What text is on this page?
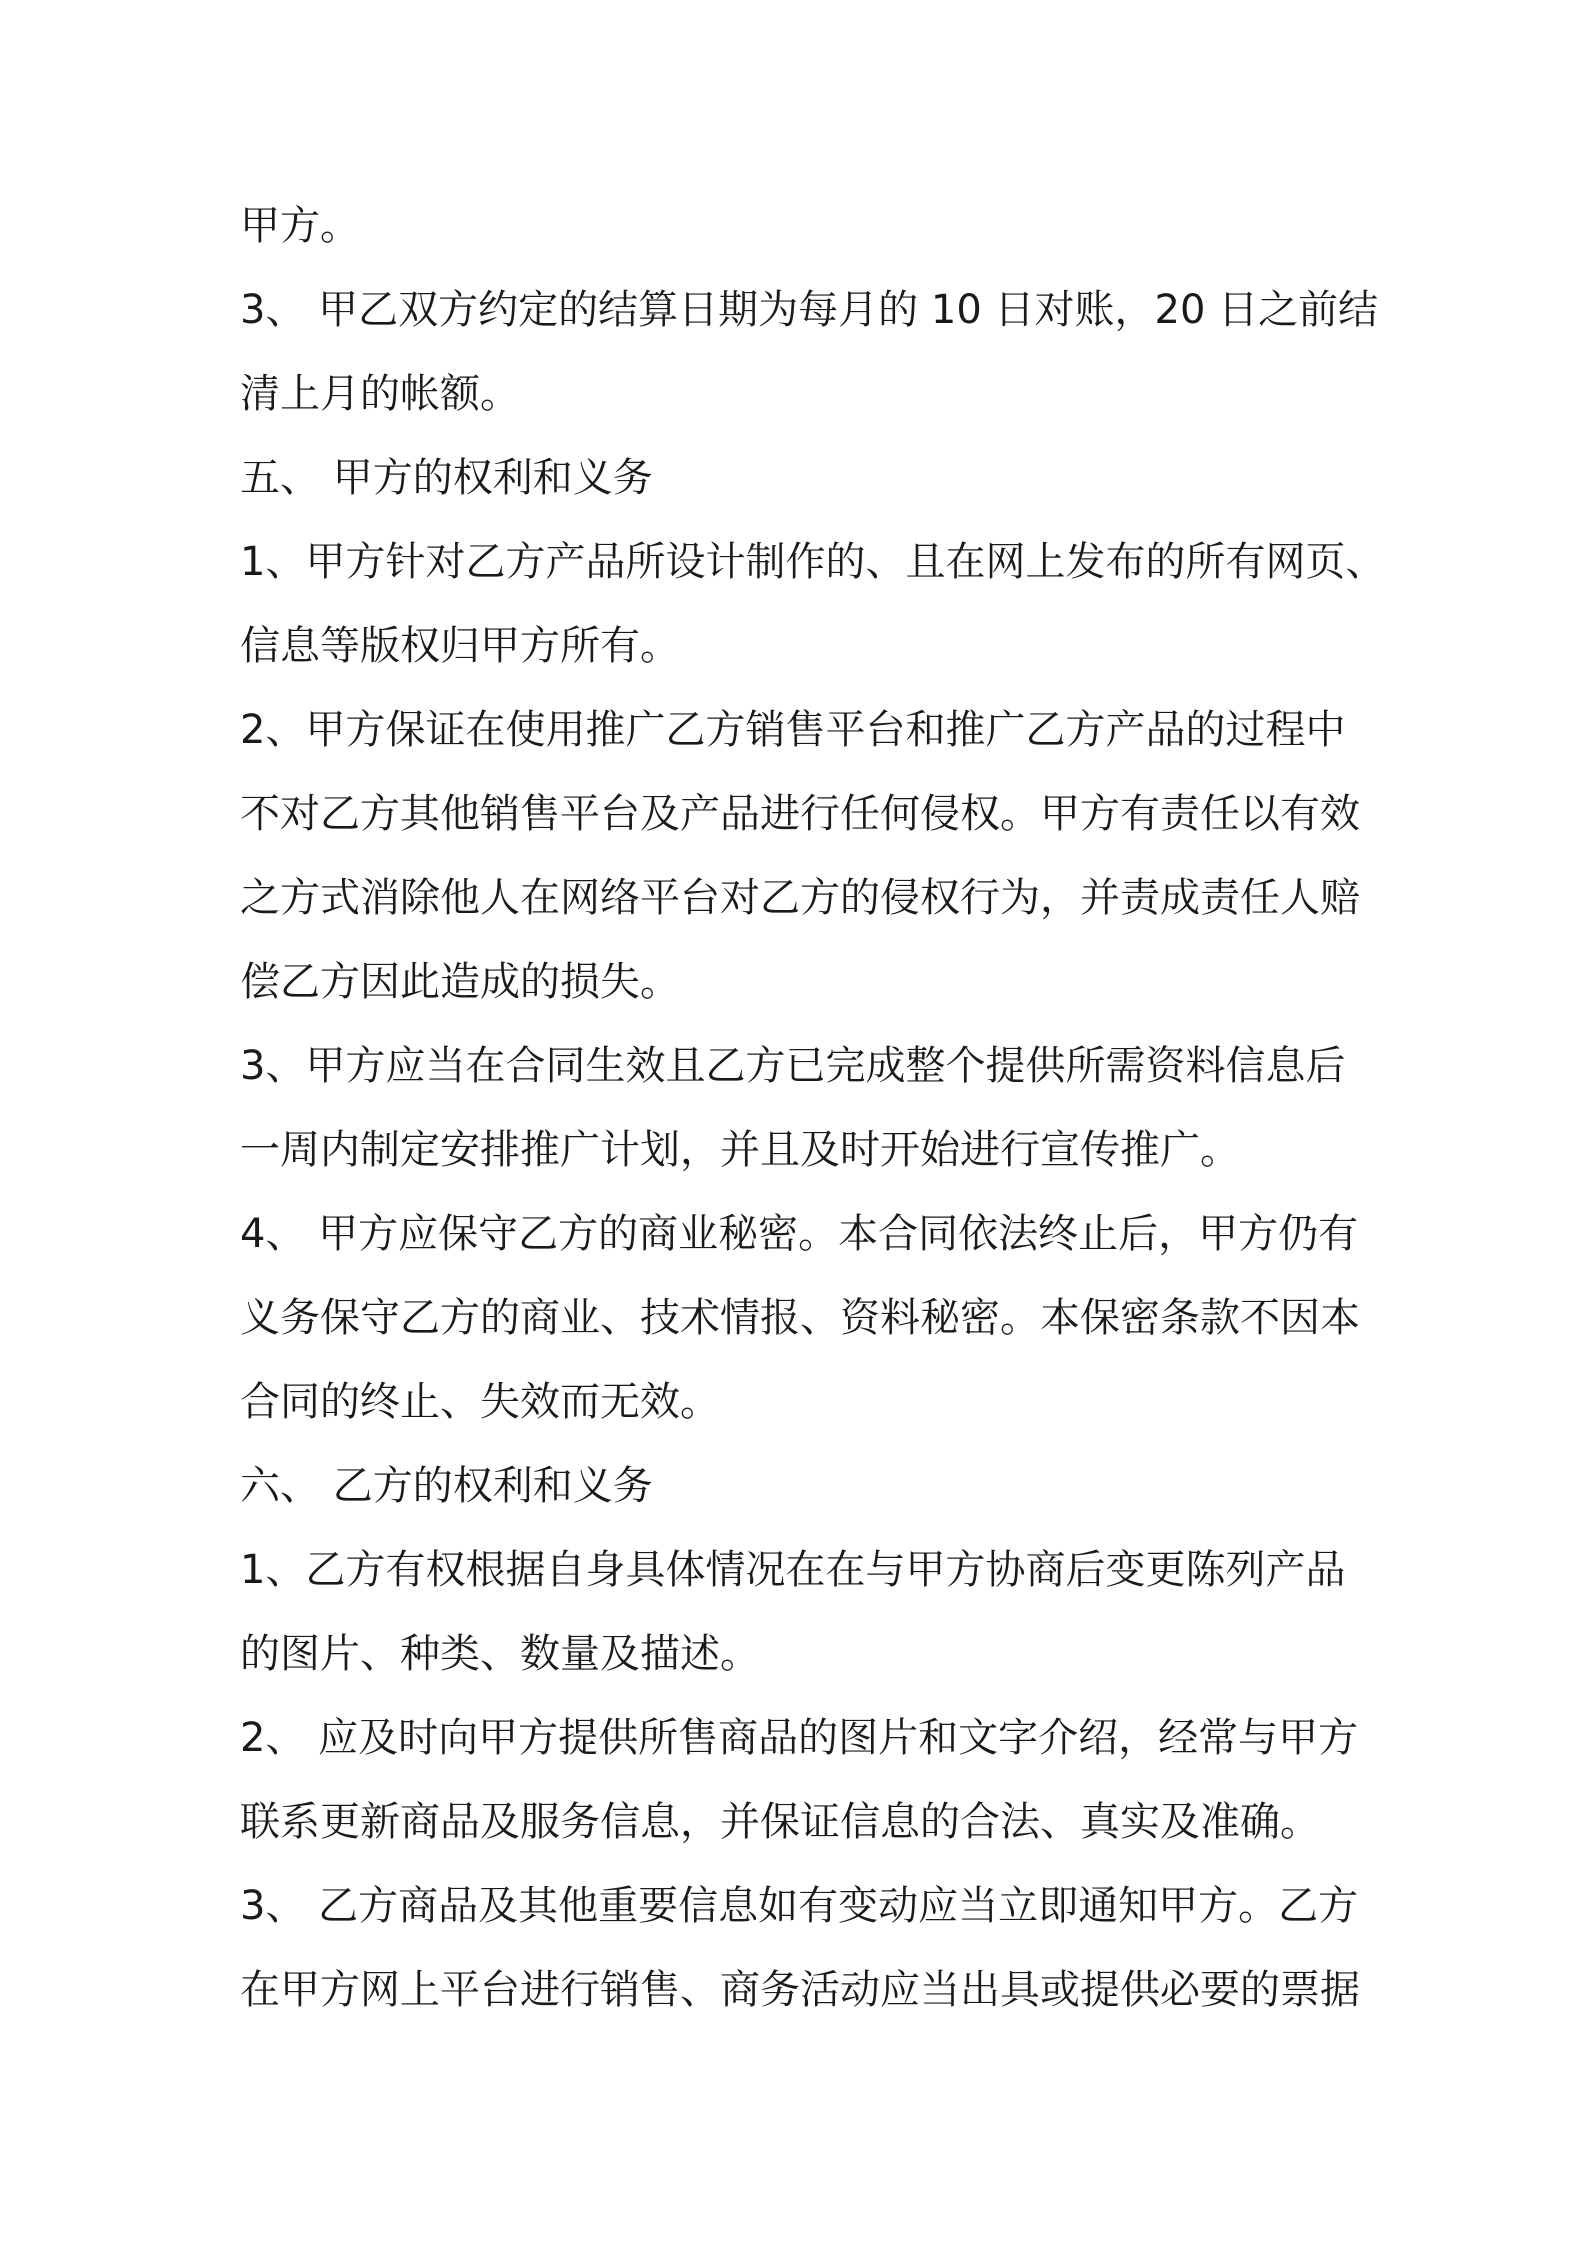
甲方。
3、 甲乙双方约定的结算日期为每月的 10 日对账，20 日之前结
清上月的帐额。
五、 甲方的权利和义务
1、甲方针对乙方产品所设计制作的、且在网上发布的所有网页、
信息等版权归甲方所有。
2、甲方保证在使用推广乙方销售平台和推广乙方产品的过程中
不对乙方其他销售平台及产品进行任何侵权。甲方有责任以有效
之方式消除他人在网络平台对乙方的侵权行为，并责成责任人赔
偿乙方因此造成的损失。
3、甲方应当在合同生效且乙方已完成整个提供所需资料信息后
一周内制定安排推广计划，并且及时开始进行宣传推广。
4、 甲方应保守乙方的商业秘密。本合同依法终止后，甲方仍有
义务保守乙方的商业、技术情报、资料秘密。本保密条款不因本
合同的终止、失效而无效。
六、 乙方的权利和义务
1、乙方有权根据自身具体情况在在与甲方协商后变更陈列产品
的图片、种类、数量及描述。
2、 应及时向甲方提供所售商品的图片和文字介绍，经常与甲方
联系更新商品及服务信息，并保证信息的合法、真实及准确。
3、 乙方商品及其他重要信息如有变动应当立即通知甲方。乙方
在甲方网上平台进行销售、商务活动应当出具或提供必要的票据
